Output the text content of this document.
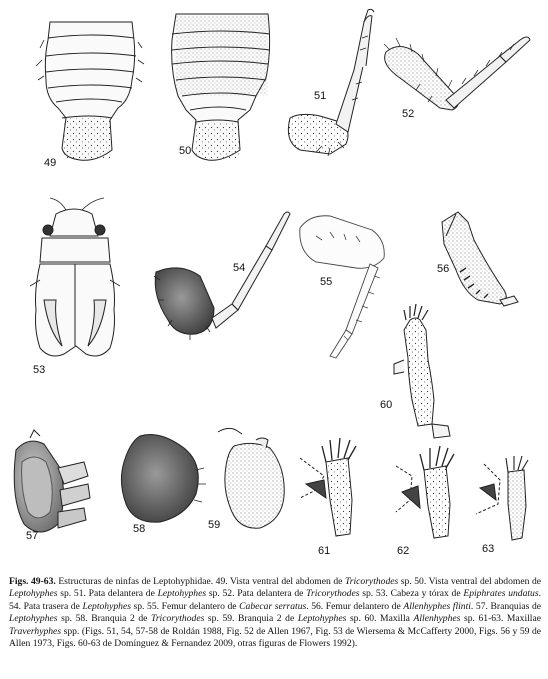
49
50
51
52
53
54
55
56
57
58	59
60
61	62	63
Figs. 49-63. Estructuras de ninfas de Leptohyphidae. 49. Vista ventral del abdomen de Tricorythodes sp. 50. Vista ventral del abdomen de Leptohyphes sp. 51. Pata delantera de Leptohyphes sp. 52. Pata delantera de Tricorythodes sp. 53. Cabeza y tórax de Epiphrates undatus. 54. Pata trasera de Leptohyphes sp. 55. Femur delantero de Cabecar serratus. 56. Femur delantero de Allenhyphes flinti. 57. Branquias de Leptohyphes sp. 58. Branquia 2 de Tricorythodes sp. 59. Branquia 2 de Leptohyphes sp. 60. Maxilla Allenhyphes sp. 61-63. Maxillae Traverhyphes spp. (Figs. 51, 54, 57-58 de Roldán 1988, Fig. 52 de Allen 1967, Fig. 53 de Wiersema & McCafferty 2000, Figs. 56 y 59 de Allen 1973, Figs. 60-63 de Domínguez & Fernandez 2009, otras figuras de Flowers 1992).
